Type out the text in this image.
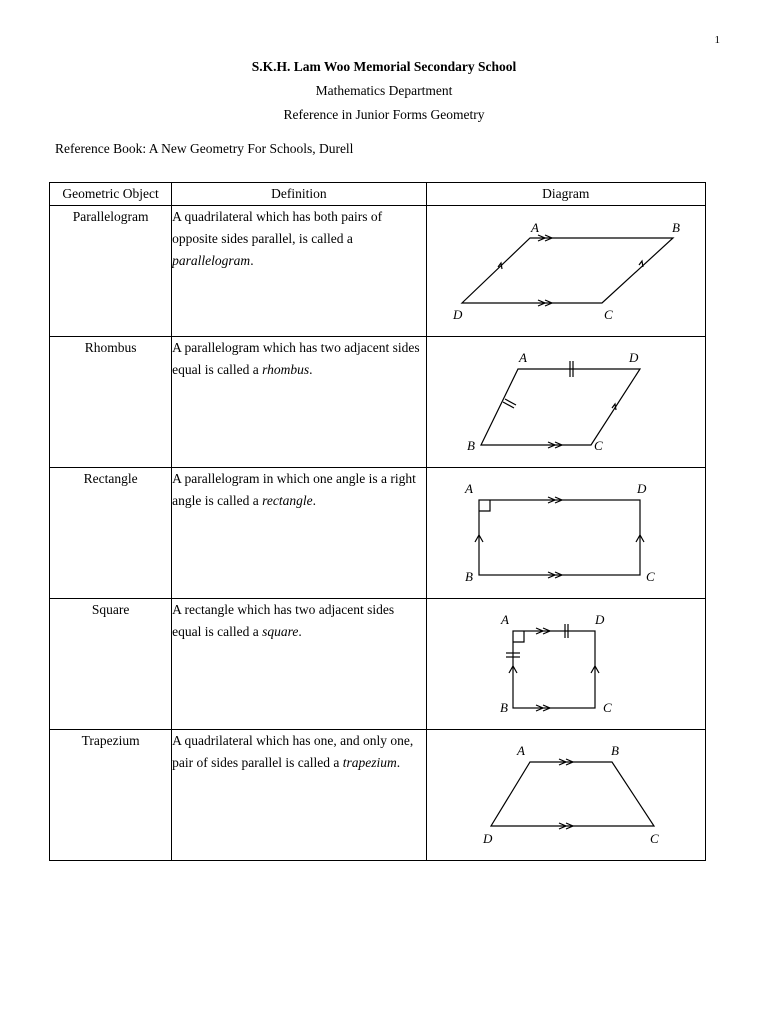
1
S.K.H. Lam Woo Memorial Secondary School
Mathematics Department
Reference in Junior Forms Geometry
Reference Book: A New Geometry For Schools, Durell
Geometric Object	Definition	Diagram
Parallelogram	A quadrilateral which has both pairs of opposite sides parallel, is called a parallelogram.	A B
C
D

Rhombus	A parallelogram which has two adjacent sides equal is called a rhombus.	A D
C
B

Rectangle	A parallelogram in which one angle is a right angle is called a rectangle.	A D
C
B

Square	A rectangle which has two adjacent sides equal is called a square.	A D
C
B

Trapezium	A quadrilateral which has one, and only one, pair of sides parallel is called a trapezium.	A B
C
D
